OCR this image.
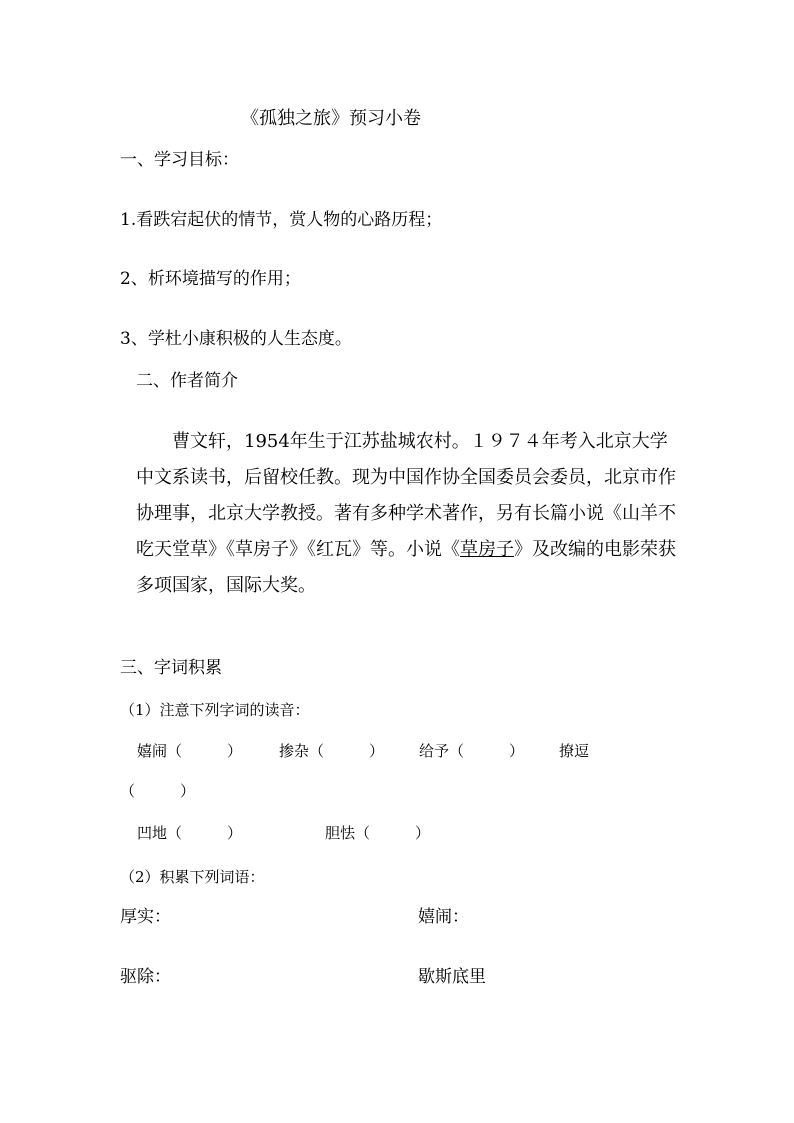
《孤独之旅》预习小卷
一、学习目标：
1.看跌宕起伏的情节，赏人物的心路历程；
2、析环境描写的作用；
3、学杜小康积极的人生态度。
二、作者简介
曹文轩，1954年生于江苏盐城农村。１９７４年考入北京大学中文系读书，后留校任教。现为中国作协全国委员会委员，北京市作协理事，北京大学教授。著有多种学术著作，另有长篇小说《山羊不吃天堂草》《草房子》《红瓦》等。小说《草房子》及改编的电影荣获多项国家，国际大奖。
三、字词积累
（1）注意下列字词的读音：
嬉闹（　　　） 掺杂（　　　） 给予（　　　） 撩逗
（　　　）
凹地（　　　）	胆怯（　　　）
（2）积累下列词语：
厚实：	嬉闹：
驱除：	歇斯底里
